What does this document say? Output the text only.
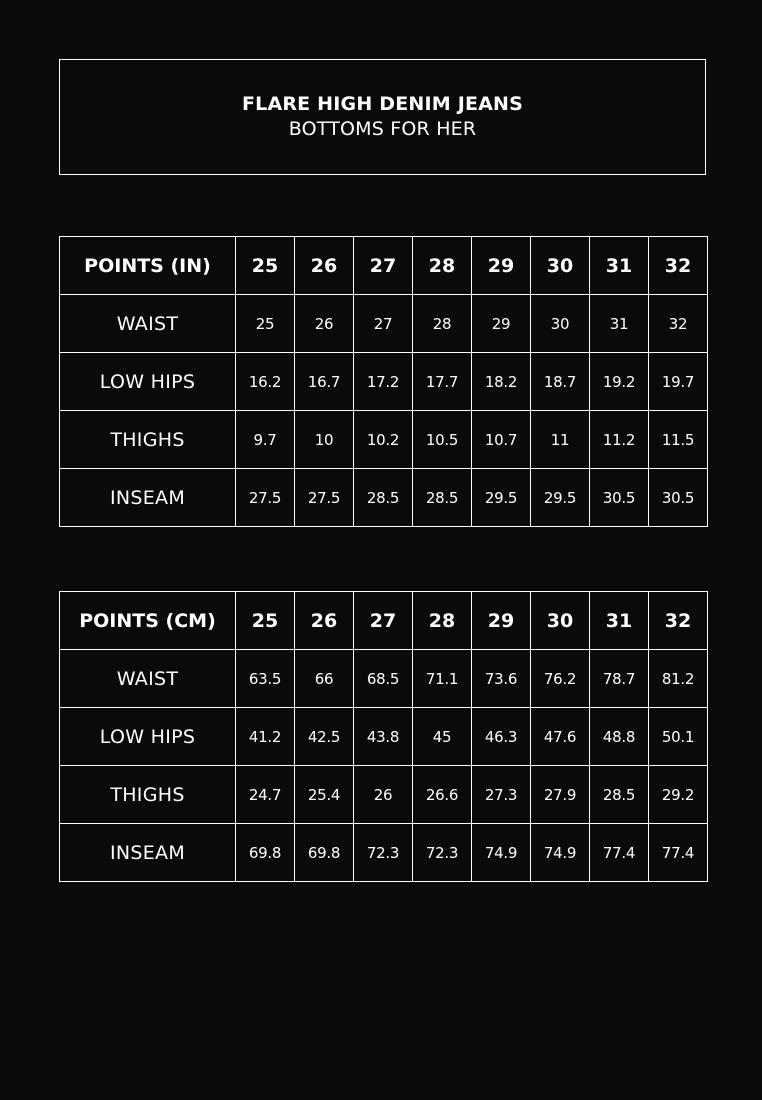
FLARE HIGH DENIM JEANS
BOTTOMS FOR HER
POINTS (IN)	25	26	27	28	29	30	31	32
WAIST	25	26	27	28	29	30	31	32
LOW HIPS	16.2	16.7	17.2	17.7	18.2	18.7	19.2	19.7
THIGHS	9.7	10	10.2	10.5	10.7	11	11.2	11.5
INSEAM	27.5	27.5	28.5	28.5	29.5	29.5	30.5	30.5
POINTS (CM)	25	26	27	28	29	30	31	32
WAIST	63.5	66	68.5	71.1	73.6	76.2	78.7	81.2
LOW HIPS	41.2	42.5	43.8	45	46.3	47.6	48.8	50.1
THIGHS	24.7	25.4	26	26.6	27.3	27.9	28.5	29.2
INSEAM	69.8	69.8	72.3	72.3	74.9	74.9	77.4	77.4
